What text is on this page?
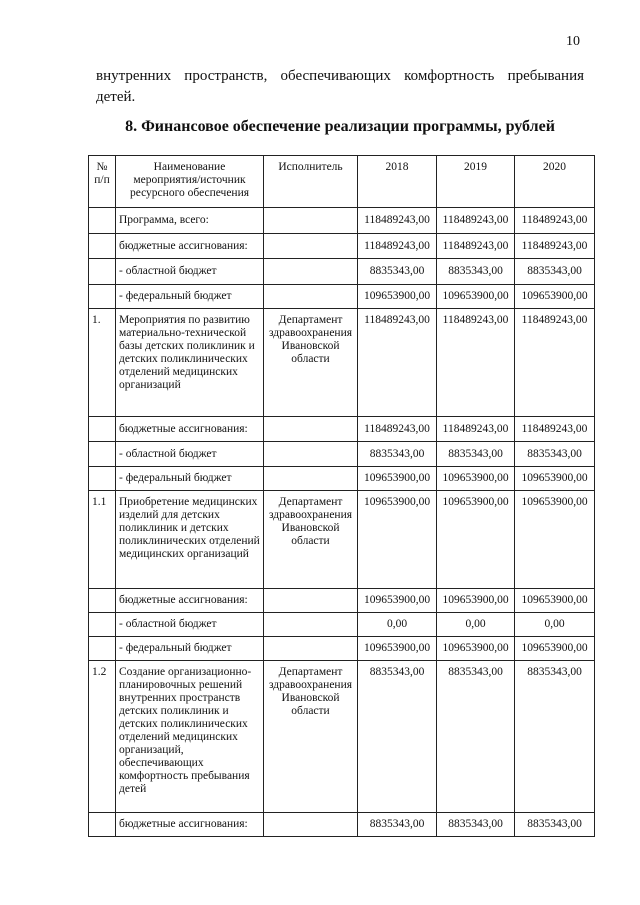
10
внутренних пространств, обеспечивающих комфортность пребывания
детей.
8. Финансовое обеспечение реализации программы, рублей
№ п/п	Наименование мероприятия/источник ресурсного обеспечения	Исполнитель	2018	2019	2020
	Программа, всего:		118489243,00	118489243,00	118489243,00
	бюджетные ассигнования:		118489243,00	118489243,00	118489243,00
	- областной бюджет		8835343,00	8835343,00	8835343,00
	- федеральный бюджет		109653900,00	109653900,00	109653900,00
1.	Мероприятия по развитию материально-технической базы детских поликлиник и детских поликлинических отделений медицинских организаций	Департамент здравоохранения Ивановской области	118489243,00	118489243,00	118489243,00
	бюджетные ассигнования:		118489243,00	118489243,00	118489243,00
	- областной бюджет		8835343,00	8835343,00	8835343,00
	- федеральный бюджет		109653900,00	109653900,00	109653900,00
1.1	Приобретение медицинских изделий для детских поликлиник и детских поликлинических отделений медицинских организаций	Департамент здравоохранения Ивановской области	109653900,00	109653900,00	109653900,00
	бюджетные ассигнования:		109653900,00	109653900,00	109653900,00
	- областной бюджет		0,00	0,00	0,00
	- федеральный бюджет		109653900,00	109653900,00	109653900,00
1.2	Создание организационно-планировочных решений внутренних пространств детских поликлиник и детских поликлинических отделений медицинских организаций, обеспечивающих комфортность пребывания детей	Департамент здравоохранения Ивановской области	8835343,00	8835343,00	8835343,00
	бюджетные ассигнования:		8835343,00	8835343,00	8835343,00
